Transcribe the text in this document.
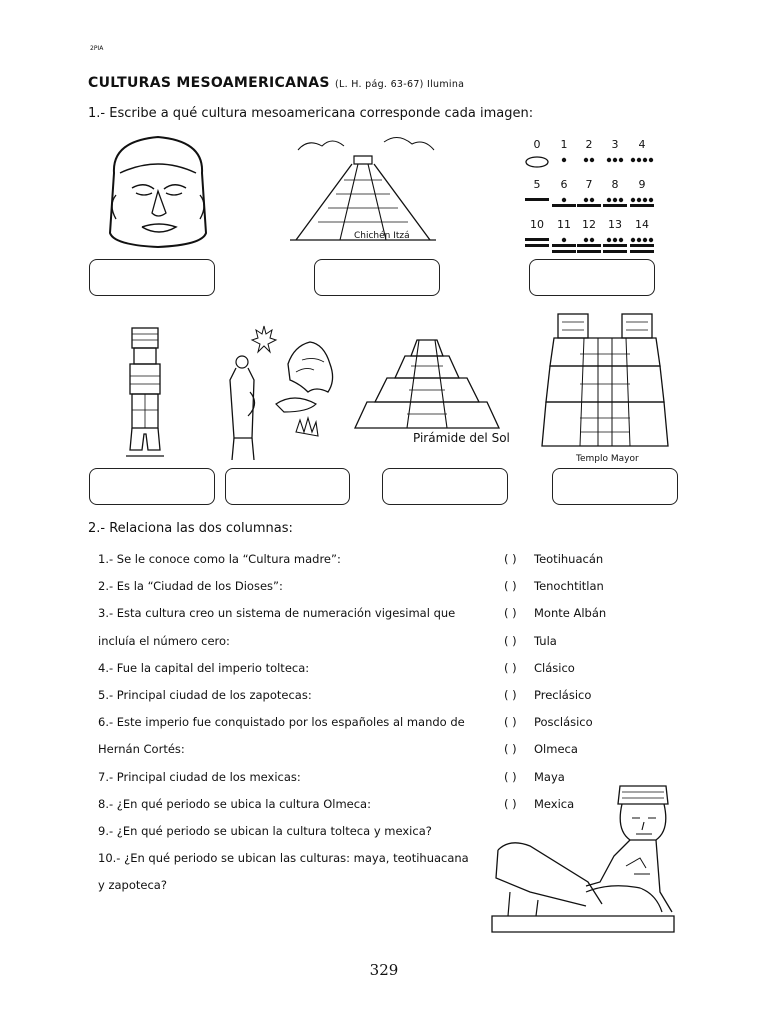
2PIA
CULTURAS MESOAMERICANAS (L. H. pág. 63-67) Ilumina
1.- Escribe a qué cultura mesoamericana corresponde cada imagen:
Chichén Itzá
0 1 2 3 4
5 6 7 8 9
10 11 12 13 14
Pirámide del Sol
Templo Mayor
2.- Relaciona las dos columnas:
1.- Se le conoce como la “Cultura madre”:
2.- Es la “Ciudad de los Dioses”:
3.- Esta cultura creo un sistema de numeración vigesimal que
incluía el número cero:
4.- Fue la capital del imperio tolteca:
5.- Principal ciudad de los zapotecas:
6.- Este imperio fue conquistado por los españoles al mando de
Hernán Cortés:
7.- Principal ciudad de los mexicas:
8.- ¿En qué periodo se ubica la cultura Olmeca:
9.- ¿En qué periodo se ubican la cultura tolteca y mexica?
10.- ¿En qué periodo se ubican las culturas: maya, teotihuacana
y zapoteca?
( ) Teotihuacán
( ) Tenochtitlan
( ) Monte Albán
( ) Tula
( ) Clásico
( ) Preclásico
( ) Posclásico
( ) Olmeca
( ) Maya
( ) Mexica
329
